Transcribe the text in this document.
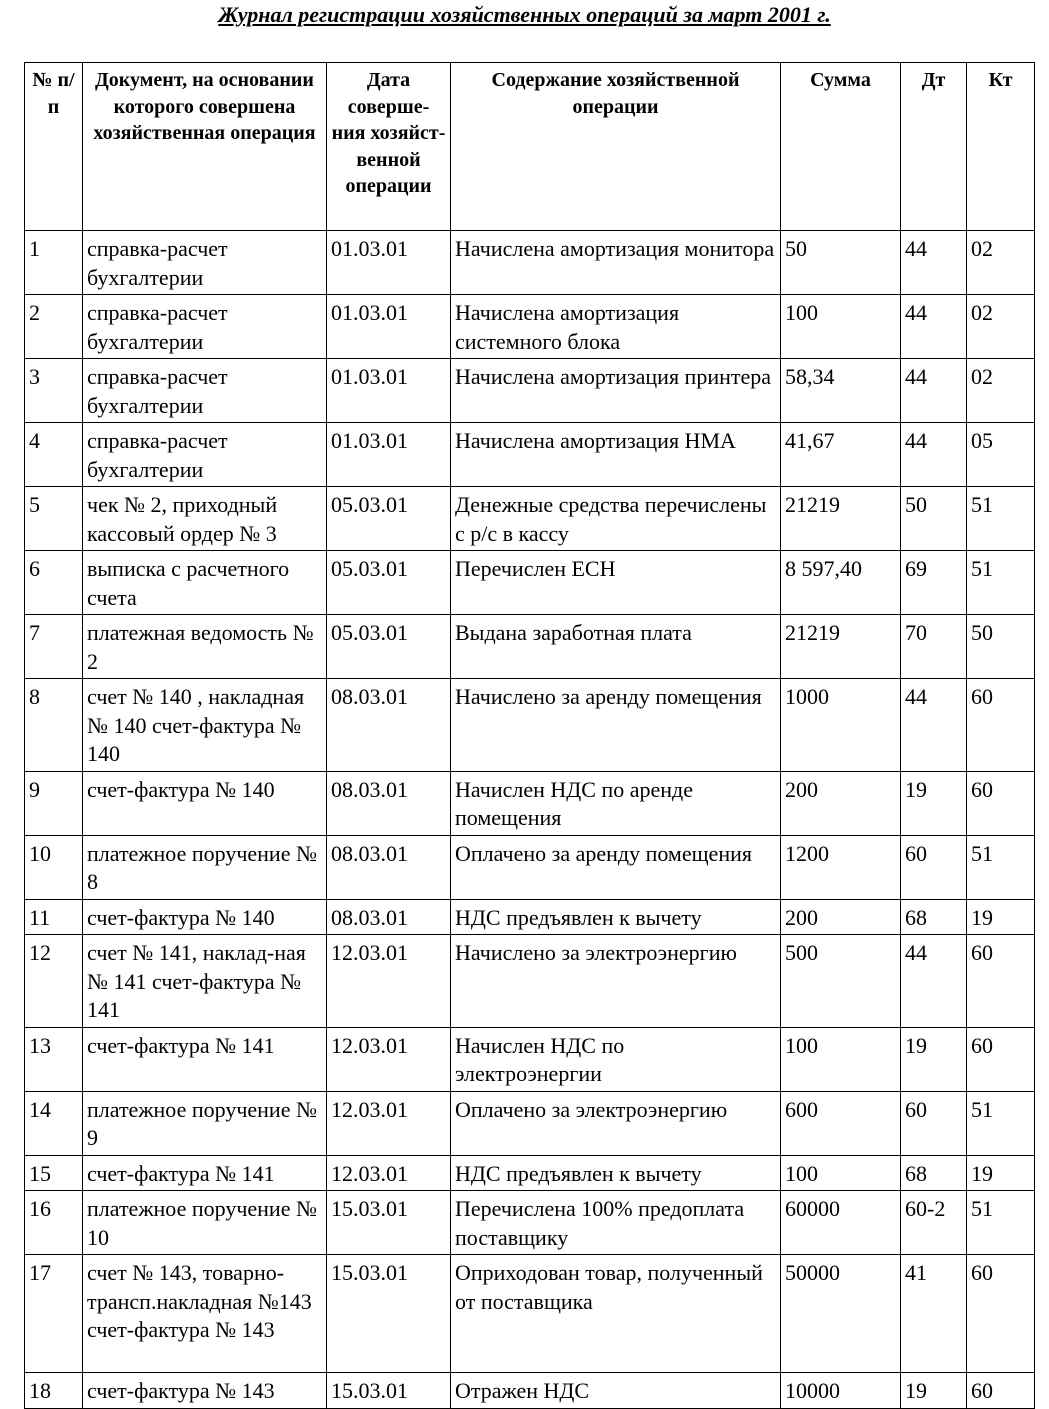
Журнал регистрации хозяйственных операций за март 2001 г.
№ п/п	Документ, на основании которого совершена хозяйственная операция	Дата соверше-ния хозяйст-венной операции	Содержание хозяйственной операции	Сумма	Дт	Кт
1	справка-расчет бухгалтерии	01.03.01	Начислена амортизация монитора	50	44	02
2	справка-расчет бухгалтерии	01.03.01	Начислена амортизация системного блока	100	44	02
3	справка-расчет бухгалтерии	01.03.01	Начислена амортизация принтера	58,34	44	02
4	справка-расчет бухгалтерии	01.03.01	Начислена амортизация НМА	41,67	44	05
5	чек № 2, приходный кассовый ордер № 3	05.03.01	Денежные средства перечислены с р/с в кассу	21219	50	51
6	выписка с расчетного счета	05.03.01	Перечислен ЕСН	8 597,40	69	51
7	платежная ведомость № 2	05.03.01	Выдана заработная плата	21219	70	50
8	счет № 140 , накладная № 140 счет-фактура № 140	08.03.01	Начислено за аренду помещения	1000	44	60
9	счет-фактура № 140	08.03.01	Начислен НДС по аренде помещения	200	19	60
10	платежное поручение № 8	08.03.01	Оплачено за аренду помещения	1200	60	51
11	счет-фактура № 140	08.03.01	НДС предъявлен к вычету	200	68	19
12	счет № 141, наклад-ная № 141 счет-фактура № 141	12.03.01	Начислено за электроэнергию	500	44	60
13	счет-фактура № 141	12.03.01	Начислен НДС по электроэнергии	100	19	60
14	платежное поручение № 9	12.03.01	Оплачено за электроэнергию	600	60	51
15	счет-фактура № 141	12.03.01	НДС предъявлен к вычету	100	68	19
16	платежное поручение № 10	15.03.01	Перечислена 100% предоплата поставщику	60000	60-2	51
17	счет № 143, товарно-трансп.накладная №143 счет-фактура № 143	15.03.01	Оприходован товар, полученный от поставщика	50000	41	60
18	счет-фактура № 143	15.03.01	Отражен НДС	10000	19	60
